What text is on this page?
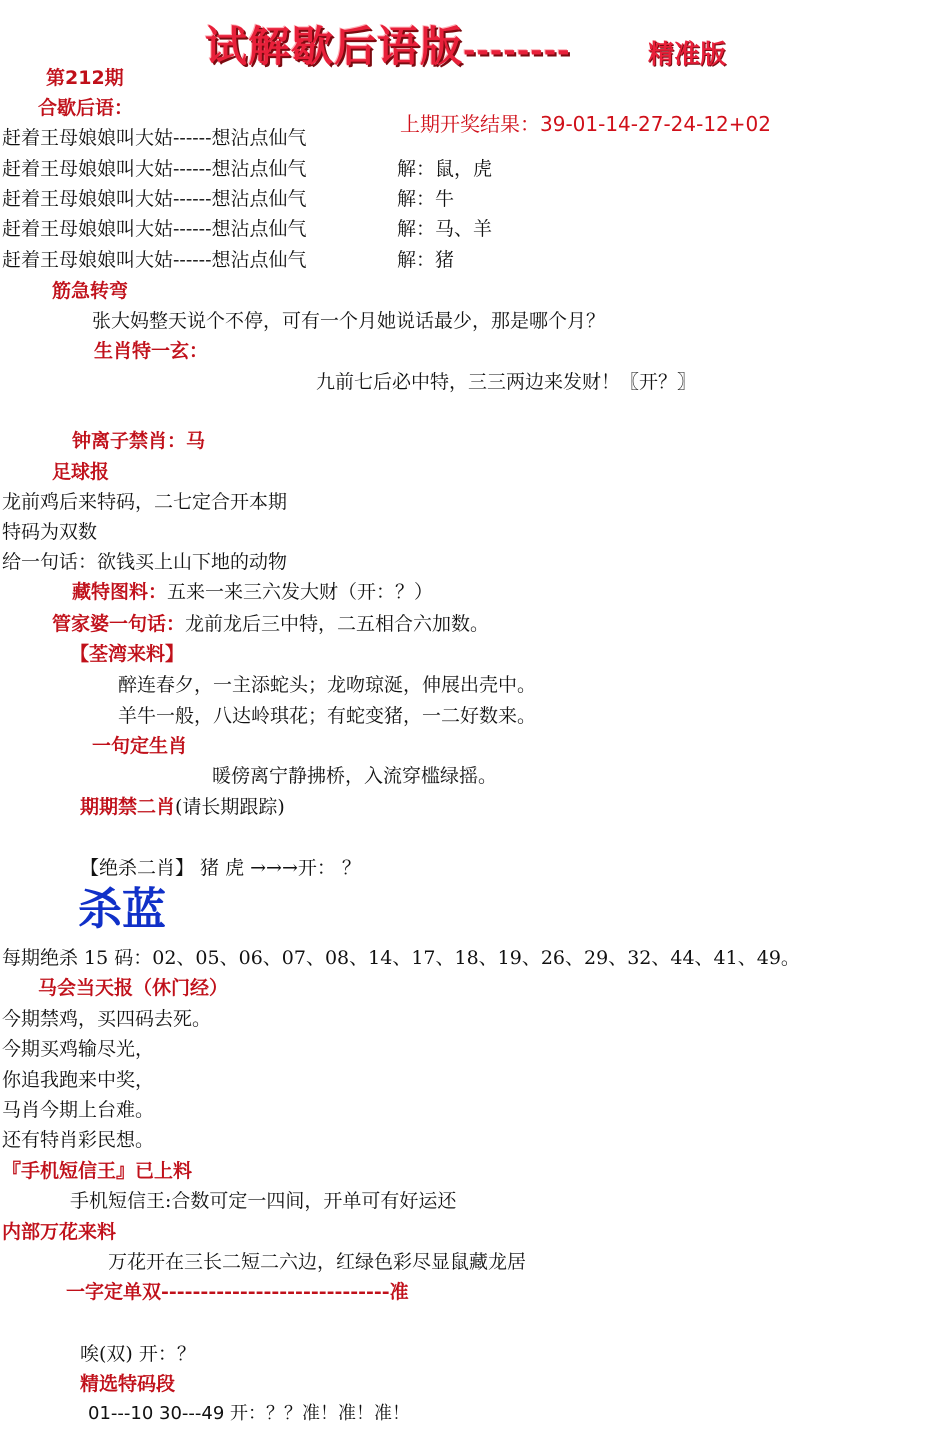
试解歇后语版--------	精准版
第212期
合歇后语：
上期开奖结果：39-01-14-27-24-12+02
赶着王母娘娘叫大姑------想沾点仙气
赶着王母娘娘叫大姑------想沾点仙气	解：鼠，虎
赶着王母娘娘叫大姑------想沾点仙气	解：牛
赶着王母娘娘叫大姑------想沾点仙气	解：马、羊
赶着王母娘娘叫大姑------想沾点仙气	解：猪
筋急转弯
张大妈整天说个不停，可有一个月她说话最少，那是哪个月？
生肖特一玄：
九前七后必中特，三三两边来发财！〖开？〗
钟离子禁肖：马
足球报
龙前鸡后来特码，二七定合开本期
特码为双数
给一句话：欲钱买上山下地的动物
藏特图料：五来一来三六发大财（开：？）
管家婆一句话：龙前龙后三中特，二五相合六加数。
【荃湾来料】
醉连春夕，一主添蛇头；龙吻琼涎，伸展出壳中。
羊牛一般，八达岭琪花；有蛇变猪，一二好数来。
一句定生肖
暖傍离宁静拂桥，入流穿槛绿摇。
期期禁二肖(请长期跟踪)
【绝杀二肖】 猪 虎 →→→开： ？
杀蓝
每期绝杀 15 码：02、05、06、07、08、14、17、18、19、26、29、32、44、41、49。
马会当天报（休门经）
今期禁鸡，买四码去死。
今期买鸡输尽光，
你追我跑来中奖，
马肖今期上台难。
还有特肖彩民想。
『手机短信王』已上料
手机短信王:合数可定一四间，开单可有好运还
内部万花来料
万花开在三长二短二六边，红绿色彩尽显鼠藏龙居
一字定单双-----------------------------准
唉(双) 开：？
精选特码段
01---10 30---49 开：？？准！准！准！
